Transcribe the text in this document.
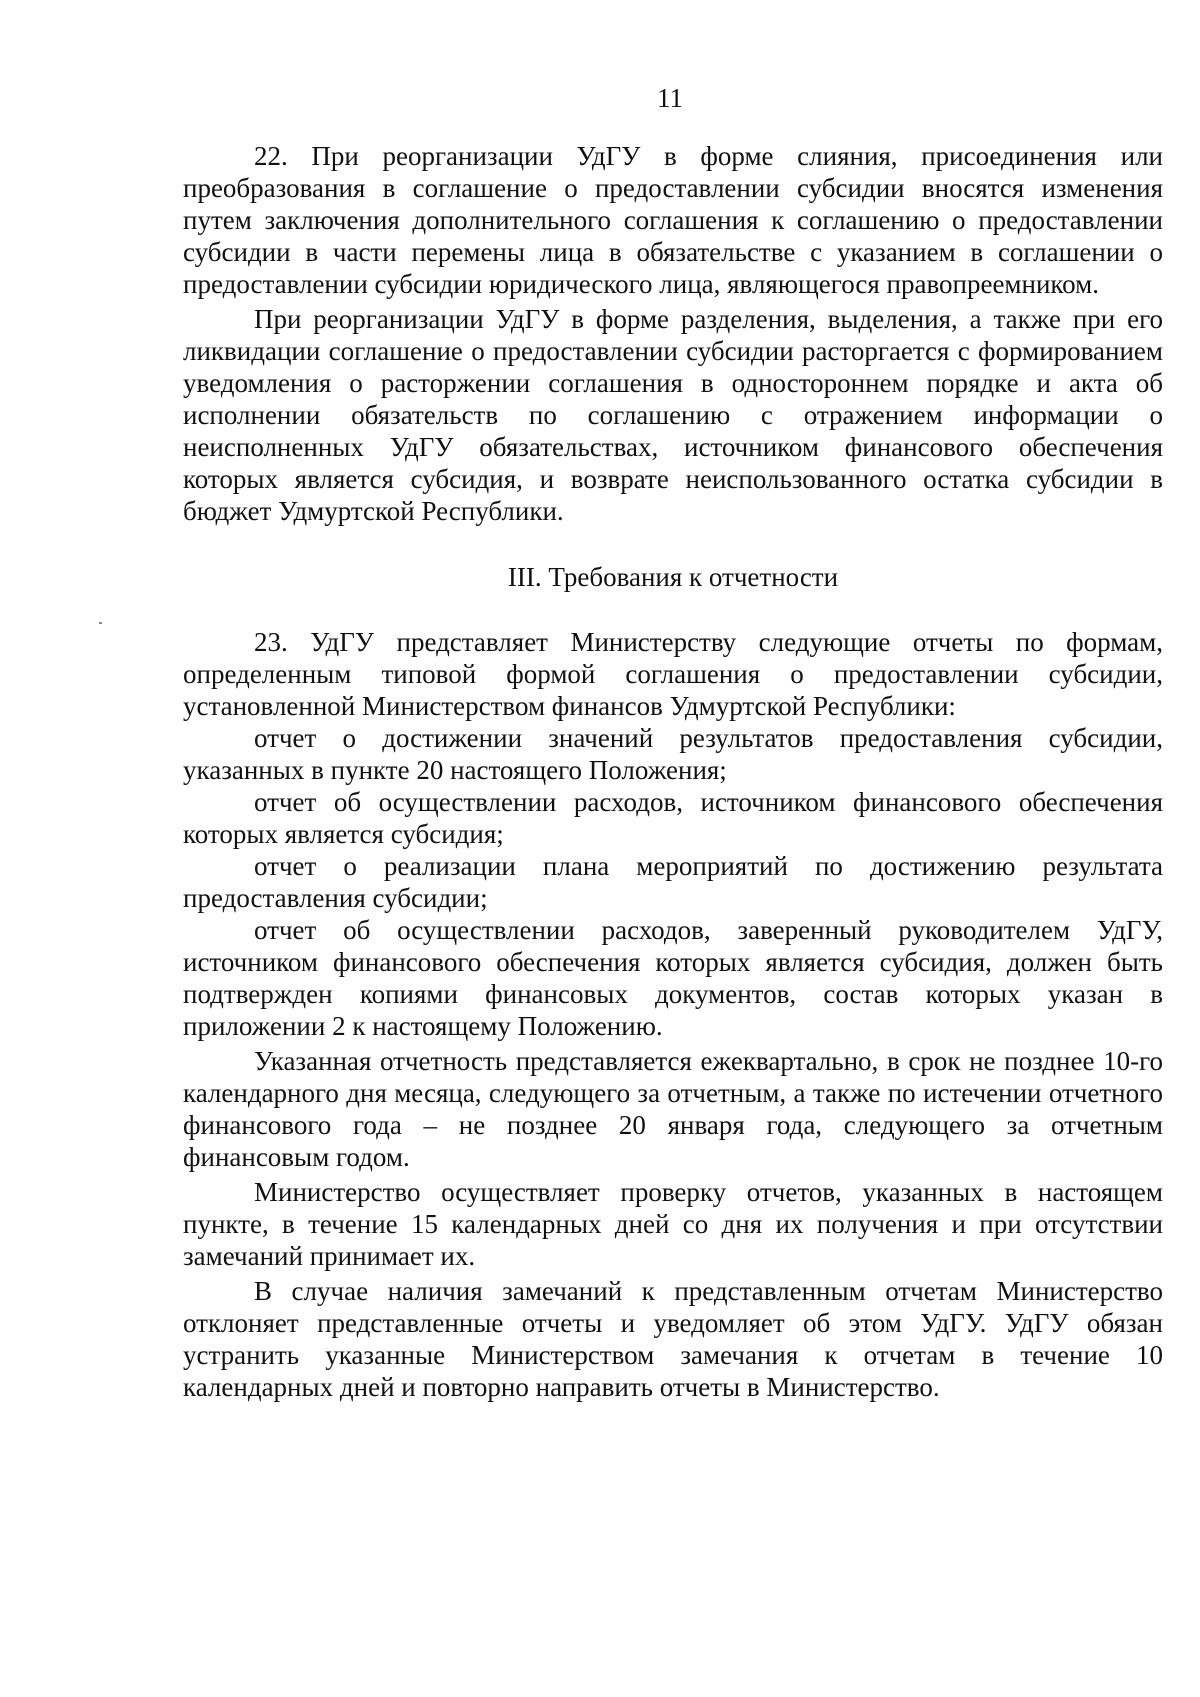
11

22. При реорганизации УдГУ в форме слияния, присоединения или преобразования в соглашение о предоставлении субсидии вносятся изменения путем заключения дополнительного соглашения к соглашению о предоставлении субсидии в части перемены лица в обязательстве с указанием в соглашении о предоставлении субсидии юридического лица, являющегося правопреемником.

При реорганизации УдГУ в форме разделения, выделения, а также при его ликвидации соглашение о предоставлении субсидии расторгается с формированием уведомления о расторжении соглашения в одностороннем порядке и акта об исполнении обязательств по соглашению с отражением информации о неисполненных УдГУ обязательствах, источником финансового обеспечения которых является субсидия, и возврате неиспользованного остатка субсидии в бюджет Удмуртской Республики.

III. Требования к отчетности

23. УдГУ представляет Министерству следующие отчеты по формам, определенным типовой формой соглашения о предоставлении субсидии, установленной Министерством финансов Удмуртской Республики:

отчет о достижении значений результатов предоставления субсидии, указанных в пункте 20 настоящего Положения;

отчет об осуществлении расходов, источником финансового обеспечения которых является субсидия;

отчет о реализации плана мероприятий по достижению результата предоставления субсидии;

отчет об осуществлении расходов, заверенный руководителем УдГУ, источником финансового обеспечения которых является субсидия, должен быть подтвержден копиями финансовых документов, состав которых указан в приложении 2 к настоящему Положению.

Указанная отчетность представляется ежеквартально, в срок не позднее 10-го календарного дня месяца, следующего за отчетным, а также по истечении отчетного финансового года – не позднее 20 января года, следующего за отчетным финансовым годом.

Министерство осуществляет проверку отчетов, указанных в настоящем пункте, в течение 15 календарных дней со дня их получения и при отсутствии замечаний принимает их.

В случае наличия замечаний к представленным отчетам Министерство отклоняет представленные отчеты и уведомляет об этом УдГУ. УдГУ обязан устранить указанные Министерством замечания к отчетам в течение 10 календарных дней и повторно направить отчеты в Министерство.
